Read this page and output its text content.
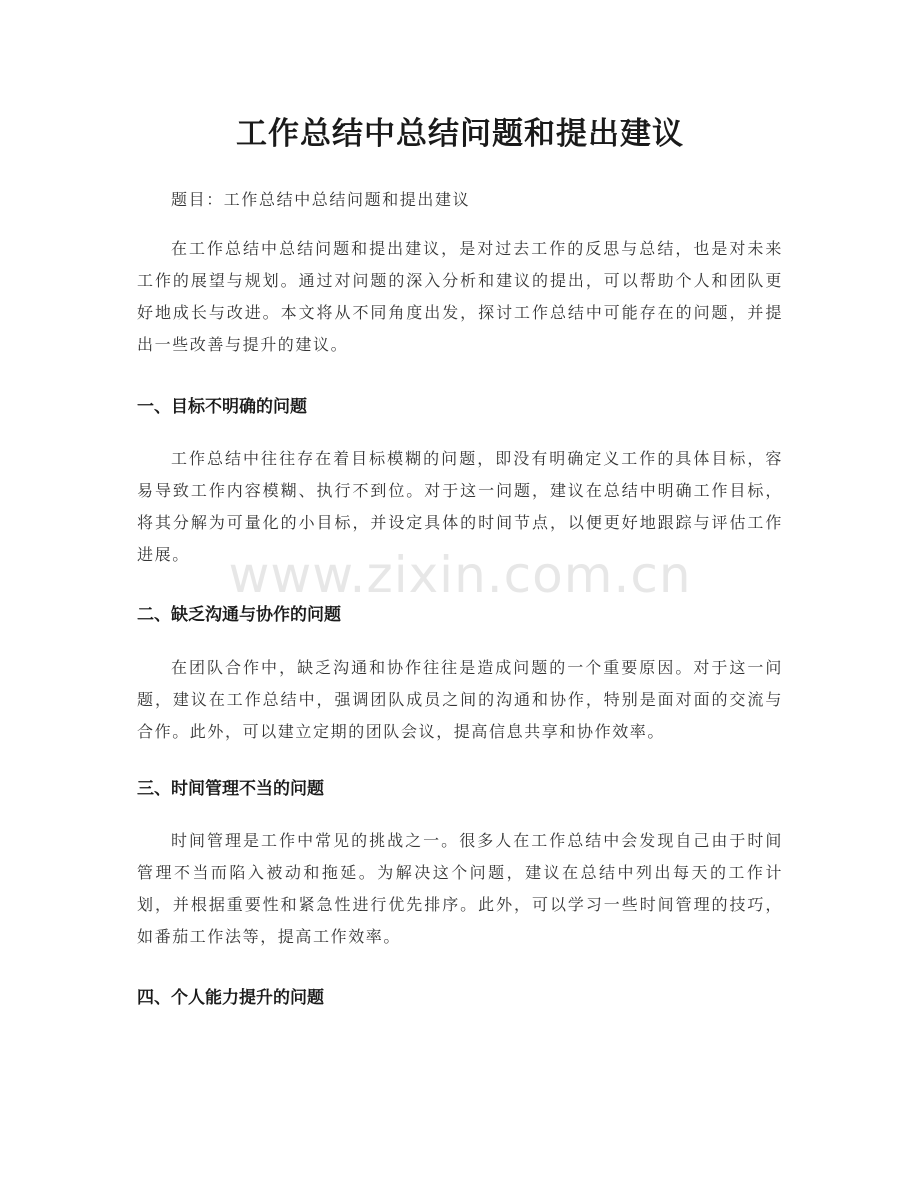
工作总结中总结问题和提出建议

题目：工作总结中总结问题和提出建议

在工作总结中总结问题和提出建议，是对过去工作的反思与总结，也是对未来工作的展望与规划。通过对问题的深入分析和建议的提出，可以帮助个人和团队更好地成长与改进。本文将从不同角度出发，探讨工作总结中可能存在的问题，并提出一些改善与提升的建议。

一、目标不明确的问题

工作总结中往往存在着目标模糊的问题，即没有明确定义工作的具体目标，容易导致工作内容模糊、执行不到位。对于这一问题，建议在总结中明确工作目标，将其分解为可量化的小目标，并设定具体的时间节点，以便更好地跟踪与评估工作进展。

二、缺乏沟通与协作的问题

在团队合作中，缺乏沟通和协作往往是造成问题的一个重要原因。对于这一问题，建议在工作总结中，强调团队成员之间的沟通和协作，特别是面对面的交流与合作。此外，可以建立定期的团队会议，提高信息共享和协作效率。

三、时间管理不当的问题

时间管理是工作中常见的挑战之一。很多人在工作总结中会发现自己由于时间管理不当而陷入被动和拖延。为解决这个问题，建议在总结中列出每天的工作计划，并根据重要性和紧急性进行优先排序。此外，可以学习一些时间管理的技巧，如番茄工作法等，提高工作效率。

四、个人能力提升的问题
www.zixin.com.cn
